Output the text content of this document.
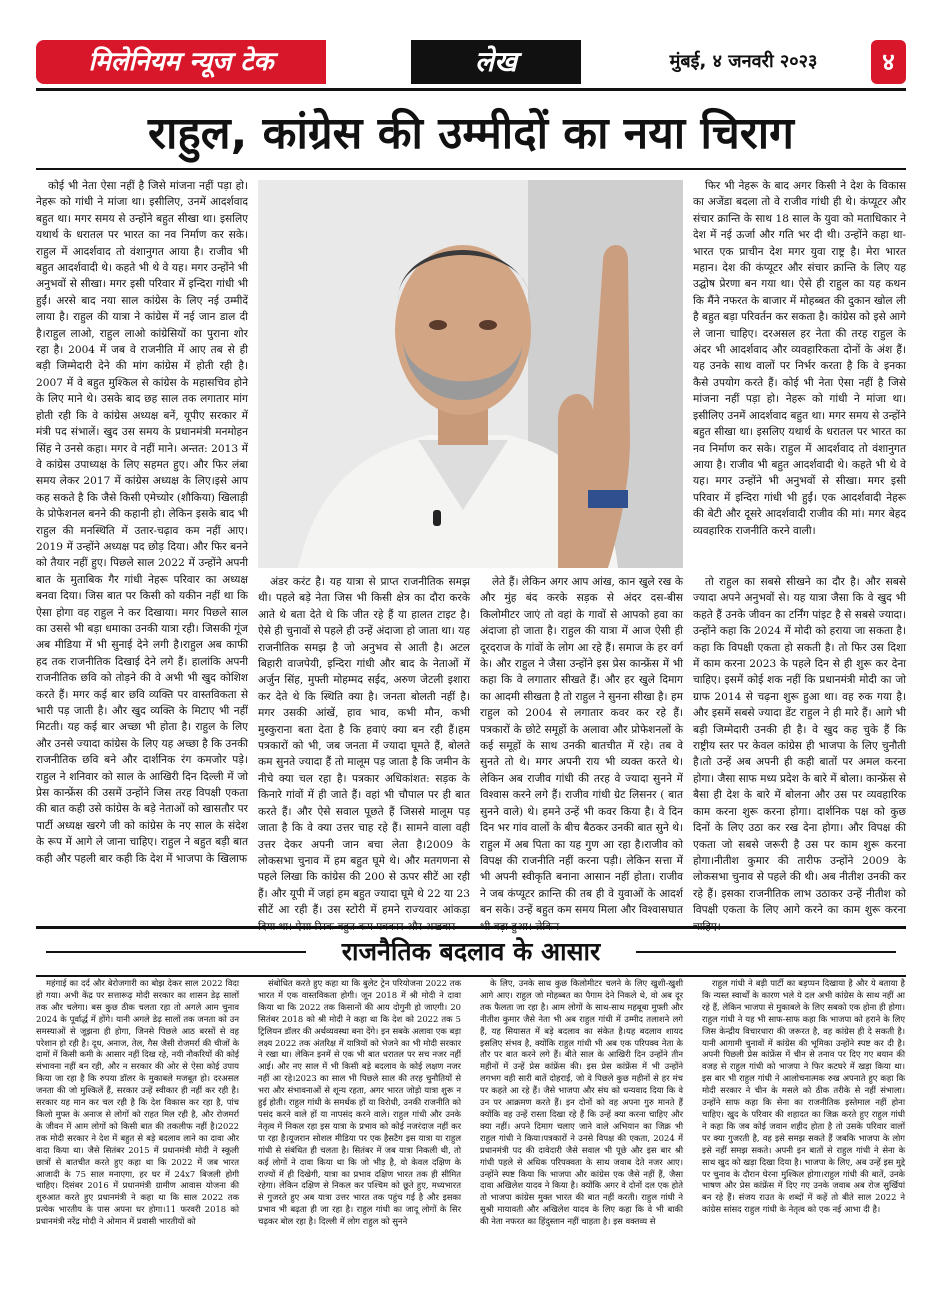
मिलेनियम न्यूज टेक	लेख	मुंबई, ४ जनवरी २०२३	४
राहुल, कांग्रेस की उम्मीदों का नया चिराग

कोई भी नेता ऐसा नहीं है जिसे मांजना नहीं पड़ा हो। नेहरू को गांधी ने मांजा था। इसीलिए, उनमें आदर्शवाद बहुत था। मगर समय से उन्होंने बहुत सीखा था। इसलिए यथार्थ के धरातल पर भारत का नव निर्माण कर सके। राहुल में आदर्शवाद तो वंशानुगत आया है। राजीव भी बहुत आदर्शवादी थे। कहते भी थे वे यह। मगर उन्होंने भी अनुभवों से सीखा। मगर इसी परिवार में इन्दिरा गांधी भी हुईं। अरसे बाद नया साल कांग्रेस के लिए नई उम्मीदें लाया है। राहुल की यात्रा ने कांग्रेस में नई जान डाल दी है।राहुल लाओ, राहुल लाओ कांग्रेसियों का पुराना शोर रहा है। 2004 में जब वे राजनीति में आए तब से ही बड़ी जिम्मेदारी देने की मांग कांग्रेस में होती रही है। 2007 में वे बहुत मुश्किल से कांग्रेस के महासचिव होने के लिए माने थे। उसके बाद छह साल तक लगातार मांग होती रही कि वे कांग्रेस अध्यक्ष बनें, यूपीए सरकार में मंत्री पद संभालें। खुद उस समय के प्रधानमंत्री मनमोहन सिंह ने उनसे कहा। मगर वे नहीं माने। अन्तत: 2013 में वे कांग्रेस उपाध्यक्ष के लिए सहमत हुए। और फिर लंबा समय लेकर 2017 में कांग्रेस अध्यक्ष के लिए।इसे आप कह सकते है कि जैसे किसी एमेच्योर (शौकिया) खिलाड़ी के प्रोफेशनल बनने की कहानी हो। लेकिन इसके बाद भी राहुल की मनस्थिति में उतार-चढ़ाव कम नहीं आए। 2019 में उन्होंने अध्यक्ष पद छोड़ दिया। और फिर बनने को तैयार नहीं हुए। पिछले साल 2022 में उन्होंने अपनी बात के मुताबिक गैर गांधी नेहरू परिवार का अध्यक्ष बनवा दिया। जिस बात पर किसी को यकीन नहीं था कि ऐसा होगा वह राहुल ने कर दिखाया। मगर पिछले साल का उससे भी बड़ा धमाका उनकी यात्रा रही। जिसकी गूंज अब मीडिया में भी सुनाई देने लगी है।राहुल अब काफी हद तक राजनीतिक दिखाई देने लगे हैं। हालांकि अपनी राजनीतिक छवि को तोड़ने की वे अभी भी खुद कोशिश करते हैं। मगर कई बार छवि व्यक्ति पर वास्तविकता से भारी पड़ जाती है। और खुद व्यक्ति के मिटाए भी नहीं मिटती। यह कई बार अच्छा भी होता है। राहुल के लिए और उनसे ज्यादा कांग्रेस के लिए यह अच्छा है कि उनकी राजनीतिक छवि बने और दार्शनिक रंग कमजोर पड़े।राहुल ने शनिवार को साल के आखिरी दिन दिल्ली में जो प्रेस कान्फ्रेंस की उसमें उन्होंने जिस तरह विपक्षी एकता की बात कही उसे कांग्रेस के बड़े नेताओं को खासतौर पर पार्टी अध्यक्ष खरगे जी को कांग्रेस के नए साल के संदेश के रूप में आगे ले जाना चाहिए। राहुल ने बहुत बड़ी बात कही और पहली बार कही कि देश में भाजपा के खिलाफ

अंडर करंट है। यह यात्रा से प्राप्त राजनीतिक समझ थी। पहले बड़े नेता जिस भी किसी क्षेत्र का दौरा करके आते थे बता देते थे कि जीत रहे हैं या हालत टाइट है। ऐसे ही चुनावों से पहले ही उन्हें अंदाजा हो जाता था। यह राजनीतिक समझ है जो अनुभव से आती है। अटल बिहारी वाजपेयी, इन्दिरा गांधी और बाद के नेताओं में अर्जुन सिंह, मुफ्ती मोहम्मद सईद, अरुण जेटली इशारा कर देते थे कि स्थिति क्या है। जनता बोलती नहीं है। मगर उसकी आंखें, हाव भाव, कभी मौन, कभी मुस्कुराना बता देता है कि हवाएं क्या बन रही हैं।हम पत्रकारों को भी, जब जनता में ज्यादा घूमते हैं, बोलते कम सुनते ज्यादा हैं तो मालूम पड़ जाता है कि जमीन के नीचे क्या चल रहा है। पत्रकार अधिकांशत: सड़क के किनारे गांवों में ही जाते हैं। वहां भी चौपाल पर ही बात करते हैं। और ऐसे सवाल पूछते हैं जिससे मालूम पड़ जाता है कि वे क्या उत्तर चाह रहे हैं। सामने वाला वही उत्तर देकर अपनी जान बचा लेता है।2009 के लोकसभा चुनाव में हम बहुत घूमे थे। और मतगणना से पहले लिखा कि कांग्रेस की 200 से ऊपर सीटें आ रही हैं। और यूपी में जहां हम बहुत ज्यादा घूमे थे 22 या 23 सीटें आ रही हैं। उस स्टोरी में हमने राज्यवार आंकड़ा दिया था। ऐसा रिस्क बहुत कम पत्रकार और अखबार

लेते हैं। लेकिन अगर आप आंख, कान खुले रख के और मुंह बंद करके सड़क से अंदर दस-बीस किलोमीटर जाएं तो वहां के गावों से आपको हवा का अंदाजा हो जाता है। राहुल की यात्रा में आज ऐसी ही दूरदराज के गांवों के लोग आ रहे हैं। समाज के हर वर्ग के। और राहुल ने जैसा उन्होंने इस प्रेस कान्फ्रेंस में भी कहा कि वे लगातार सीखते हैं। और हर खुले दिमाग का आदमी सीखता है तो राहुल ने सुनना सीखा है। हम राहुल को 2004 से लगातार कवर कर रहे हैं। पत्रकारों के छोटे समूहों के अलावा और प्रोफेशनलों के कई समूहों के साथ उनकी बातचीत में रहे। तब वे सुनते तो थे। मगर अपनी राय भी व्यक्त करते थे। लेकिन अब राजीव गांधी की तरह वे ज्यादा सुनने में विश्वास करने लगे हैं। राजीव गांधी ग्रेट लिसनर ( बात सुनने वाले) थे। हमने उन्हें भी कवर किया है। वे दिन दिन भर गांव वालों के बीच बैठकर उनकी बात सुने थे। राहुल में अब पिता का यह गुण आ रहा है।राजीव को विपक्ष की राजनीति नहीं करना पड़ी। लेकिन सत्ता में भी अपनी स्वीकृति बनाना आसान नहीं होता। राजीव ने जब कंप्यूटर क्रान्ति की तब ही वे युवाओं के आदर्श बन सके। उन्हें बहुत कम समय मिला और विश्वासघात भी बड़ा हुआ। लेकिन

फिर भी नेहरू के बाद अगर किसी ने देश के विकास का अजेंडा बदला तो वे राजीव गांधी ही थे। कंप्यूटर और संचार क्रान्ति के साथ 18 साल के युवा को मताधिकार ने देश में नई ऊर्जा और गति भर दी थी। उन्होंने कहा था-भारत एक प्राचीन देश मगर युवा राष्ट्र है। मेरा भारत महान। देश की कंप्यूटर और संचार क्रान्ति के लिए यह उद्घोष प्रेरणा बन गया था। ऐसे ही राहुल का यह कथन कि मैंने नफरत के बाजार में मोहब्बत की दुकान खोल ली है बहुत बड़ा परिवर्तन कर सकता है। कांग्रेस को इसे आगे ले जाना चाहिए। दरअसल हर नेता की तरह राहुल के अंदर भी आदर्शवाद और व्यवहारिकता दोनों के अंश हैं। यह उनके साथ वालों पर निर्भर करता है कि वे इनका कैसे उपयोग करते हैं। कोई भी नेता ऐसा नहीं है जिसे मांजना नहीं पड़ा हो। नेहरू को गांधी ने मांजा था। इसीलिए उनमें आदर्शवाद बहुत था। मगर समय से उन्होंने बहुत सीखा था। इसलिए यथार्थ के धरातल पर भारत का नव निर्माण कर सके। राहुल में आदर्शवाद तो वंशानुगत आया है। राजीव भी बहुत आदर्शवादी थे। कहते भी थे वे यह। मगर उन्होंने भी अनुभवों से सीखा। मगर इसी परिवार में इन्दिरा गांधी भी हुईं। एक आदर्शवादी नेहरू की बेटी और दूसरे आदर्शवादी राजीव की मां। मगर बेहद व्यवहारिक राजनीति करने वाली।

तो राहुल का सबसे सीखने का दौर है। और सबसे ज्यादा अपने अनुभवों से। यह यात्रा जैसा कि वे खुद भी कहते हैं उनके जीवन का टर्निंग पांइट है से सबसे ज्यादा।उन्होंने कहा कि 2024 में मोदी को हराया जा सकता है। कहा कि विपक्षी एकता हो सकती है। तो फिर उस दिशा में काम करना 2023 के पहले दिन से ही शुरू कर देना चाहिए। इसमें कोई शक नहीं कि प्रधानमंत्री मोदी का जो ग्राफ 2014 से चढ़ना शुरू हुआ था। वह रुक गया है। और इसमें सबसे ज्यादा डेंट राहुल ने ही मारे हैं। आगे भी बड़ी जिम्मेदारी उनकी ही है। वे खुद कह चुके हैं कि राष्ट्रीय स्तर पर केवल कांग्रेस ही भाजपा के लिए चुनौती है।तो उन्हें अब अपनी ही कही बातों पर अमल करना होगा। जैसा साफ मध्य प्रदेश के बारे में बोला। कान्फ्रेंस से बैसा ही देश के बारे में बोलना और उस पर व्यवहारिक काम करना शुरू करना होगा। दार्शनिक पक्ष को कुछ दिनों के लिए उठा कर रख देना होगा। और विपक्ष की एकता जो सबसे जरूरी है उस पर काम शुरू करना होगा।नीतीश कुमार की तारीफ उन्होंने 2009 के लोकसभा चुनाव से पहले की थी। अब नीतीश उनकी कर रहे हैं। इसका राजनीतिक लाभ उठाकर उन्हें नीतीश को विपक्षी एकता के लिए आगे करने का काम शुरू करना चाहिए।

राजनैतिक बदलाव के आसार

महंगाई का दर्द और बेरोजगारी का बोझ देकर साल 2022 विदा हो गया। अभी केंद्र पर सत्तारूढ़ मोदी सरकार का शासन डेढ़ सालों तक और चलेगा। बस कुछ ठीक चलता रहा तो अगले आम चुनाव 2024 के पूर्वार्द्ध में होंगे। यानी अगले डेढ़ सालों तक जनता को उन समस्याओं से जूझना ही होगा, जिनसे पिछले आठ बरसों से वह परेशान हो रही है। दूध, अनाज, तेल, गैस जैसी रोजमर्रा की चीजों के दामों में किसी कमी के आसार नहीं दिख रहे, नयी नौकरियों की कोई संभावना नहीं बन रही, और न सरकार की ओर से ऐसा कोई उपाय किया जा रहा है कि रुपया डॉलर के मुकाबले मजबूत हो। दरअसल जनता की जो मुश्किलें हैं, सरकार उन्हें स्वीकार ही नहीं कर रही है। सरकार यह मान कर चल रही है कि देश विकास कर रहा है, पांच किलो मुफ्त के अनाज से लोगों को राहत मिल रही है, और रोजमर्रा के जीवन में आम लोगों को किसी बात की तकलीफ नहीं है।2022 तक मोदी सरकार ने देश में बहुत से बड़े बदलाव लाने का दावा और वादा किया था। जैसे सितंबर 2015 में प्रधानमंत्री मोदी ने स्कूली छात्रों से बातचीत करते हुए कहा था कि 2022 में जब भारत आजादी के 75 साल मनाएगा, हर घर में 24x7 बिजली होगी चाहिए। दिसंबर 2016 में प्रधानमंत्री ग्रामीण आवास योजना की शुरुआत करते हुए प्रधानमंत्री ने कहा था कि साल 2022 तक प्रत्येक भारतीय के पास अपना घर होगा।11 फरवरी 2018 को प्रधानमंत्री नरेंद्र मोदी ने ओमान में प्रवासी भारतीयों को

संबोधित करते हुए कहा था कि बुलेट ट्रेन परियोजना 2022 तक भारत में एक वास्तविकता होगी। जून 2018 में श्री मोदी ने दावा किया था कि 2022 तक किसानों की आय दोगुनी हो जाएगी। 20 सितंबर 2018 को श्री मोदी ने कहा था कि देश को 2022 तक 5 ट्रिलियन डॉलर की अर्थव्यवस्था बना देंगे। इन सबके अलावा एक बड़ा लक्ष्य 2022 तक अंतरिक्ष में यात्रियों को भेजने का भी मोदी सरकार ने रखा था। लेकिन इनमें से एक भी बात धरातल पर सच नजर नहीं आई। और नए साल में भी किसी बड़े बदलाव के कोई लक्षण नजर नहीं आ रहे।2023 का साल भी पिछले साल की तरह चुनौतियों से भरा और संभावनाओं से शून्य रहता, अगर भारत जोड़ो यात्रा शुरू न हुई होती। राहुल गांधी के समर्थक हों या विरोधी, उनकी राजनीति को पसंद करने वाले हों या नापसंद करने वाले। राहुल गांधी और उनके नेतृत्व में निकल रहा इस यात्रा के प्रभाव को कोई नजरंदाज नहीं कर पा रहा है।यूजरान सोशल मीडिया पर एक हैसटैग इस यात्रा या राहुल गांधी से संबंधित ही चलता है। सितंबर में जब यात्रा निकली थी, तो कई लोगों ने दावा किया था कि जो भीड़ है, वो केवल दक्षिण के राज्यों में ही दिखेगी, यात्रा का प्रभाव दक्षिण भारत तक ही सीमित रहेगा। लेकिन दक्षिण से निकल कर पश्चिम को छूते हुए, मध्यभारत से गुजरते हुए अब यात्रा उत्तर भारत तक पहुंच गई है और इसका प्रभाव भी बढ़ता ही जा रहा है। राहुल गांधी का जादू लोगों के सिर चढ़कर बोल रहा है। दिल्ली में लोग राहुल को सुनने

के लिए, उनके साथ कुछ किलोमीटर चलने के लिए खुशी-खुशी आगे आए। राहुल जो मोहब्बत का पैगाम देने निकले थे, वो अब दूर तक फैलता जा रहा है। आम लोगों के साथ-साथ महबूबा मुफ्ती और नीतीश कुमार जैसे नेता भी अब राहुल गांधी में उम्मीद तलाशने लगे हैं, यह सियासत में बड़े बदलाव का संकेत है।यह बदलाव शायद इसलिए संभव है, क्योंकि राहुल गांधी भी अब एक परिपक्व नेता के तौर पर बात करने लगे हैं। बीते साल के आखिरी दिन उन्होंने तीन महीनों में उन्हें प्रेस कांफ्रेंस की। इस प्रेस कांफ्रेंस में भी उन्होंने लगभग वही सारी बातें दोहराईं, जो वे पिछले कुछ महीनों से हर मंच पर कहते आ रहे हैं। जैसे भाजपा और संघ को धन्यवाद दिया कि वे उन पर आक्रमण करते हैं। इन दोनों को वह अपना गुरु मानते हैं क्योंकि वह उन्हें रास्ता दिखा रहे हैं कि उन्हें क्या करना चाहिए और क्या नहीं। अपने दिमाग चलाए जाने वाले अभियान का जिक्र भी राहुल गांधी ने किया।पत्रकारों ने उनसे विपक्ष की एकता, 2024 में प्रधानमंत्री पद की दावेदारी जैसे सवाल भी पूछे और इस बार श्री गांधी पहले से अधिक परिपक्वता के साथ जवाब देते नजर आए। उन्होंने स्पष्ट किया कि भाजपा और कांग्रेस एक जैसे नहीं हैं, जैसा दावा अखिलेश यादव ने किया है। क्योंकि अगर वे दोनों दल एक होते तो भाजपा कांग्रेस मुक्त भारत की बात नहीं करती। राहुल गांधी ने सुश्री मायावती और अखिलेश यादव के लिए कहा कि वे भी बाकी की नेता नफरत का हिंदुस्तान नहीं चाहता है। इस वक्तव्य से

राहुल गांधी ने बड़ी पार्टी का बड़प्पन दिखाया है और ये बताया है कि न्यस्त स्वार्थों के कारण भले ये दल अभी कांग्रेस के साथ नहीं आ रहे हैं, लेकिन भाजपा से मुकाबले के लिए सबको एक होना ही होगा। राहुल गांधी ने यह भी साफ-साफ कहा कि भाजपा को हराने के लिए जिस केन्द्रीय विचारधारा की जरूरत है, वह कांग्रेस ही दे सकती है। यानी आगामी चुनावों में कांग्रेस की भूमिका उन्होंने स्पष्ट कर दी है।अपनी पिछली प्रेस कांफ्रेंस में चीन से तनाव पर दिए गए बयान की वजह से राहुल गांधी को भाजपा ने फिर कटघरे में खड़ा किया था। इस बार भी राहुल गांधी ने आलोचनात्मक रुख अपनाते हुए कहा कि मोदी सरकार ने चीन के मसले को ठीक तरीके से नहीं संभाला। उन्होंने साफ कहा कि सेना का राजनीतिक इस्तेमाल नहीं होना चाहिए। खुद के परिवार की शहादत का जिक्र करते हुए राहुल गांधी ने कहा कि जब कोई जवान शहीद होता है तो उसके परिवार वालों पर क्या गुजरती है, वह इसे समझ सकते हैं जबकि भाजपा के लोग इसे नहीं समझ सकते। अपनी इन बातों से राहुल गांधी ने सेना के साथ खुद को खड़ा दिखा दिया है। भाजपा के लिए, अब उन्हें इस मुद्दे पर चुनाव के दौरान घेरना मुश्किल होगा।राहुल गांधी की बातें, उनके भाषण और प्रेस कांफ्रेंस में दिए गए उनके जवाब अब रोज सुर्खियां बन रहे हैं। संजय राउत के शब्दों में कहें तो बीते साल 2022 ने कांग्रेस सांसद राहुल गांधी के नेतृत्व को एक नई आभा दी है।
